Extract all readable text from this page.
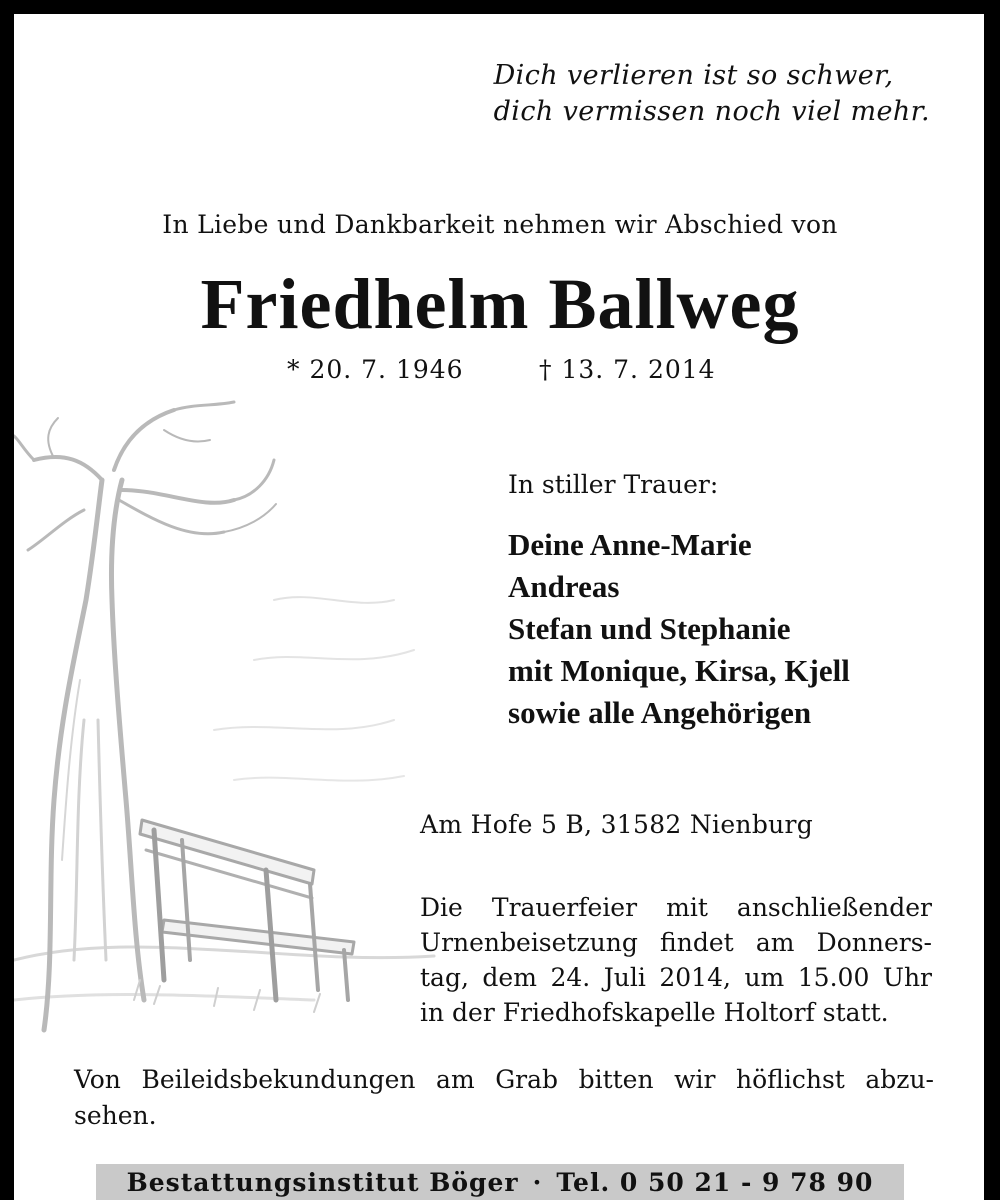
Dich verlieren ist so schwer,
dich vermissen noch viel mehr.
In Liebe und Dankbarkeit nehmen wir Abschied von
Friedhelm Ballweg
* 20. 7. 1946	† 13. 7. 2014
In stiller Trauer:
Deine Anne-Marie
Andreas
Stefan und Stephanie
mit Monique, Kirsa, Kjell
sowie alle Angehörigen
Am Hofe 5 B, 31582 Nienburg
Die Trauerfeier mit anschließender
Urnenbeisetzung findet am Donners-
tag, dem 24. Juli 2014, um 15.00 Uhr
in der Friedhofskapelle Holtorf statt.
Von Beileidsbekundungen am Grab bitten wir höflichst abzu-
sehen.
Bestattungsinstitut Böger · Tel. 0 50 21 - 9 78 90
